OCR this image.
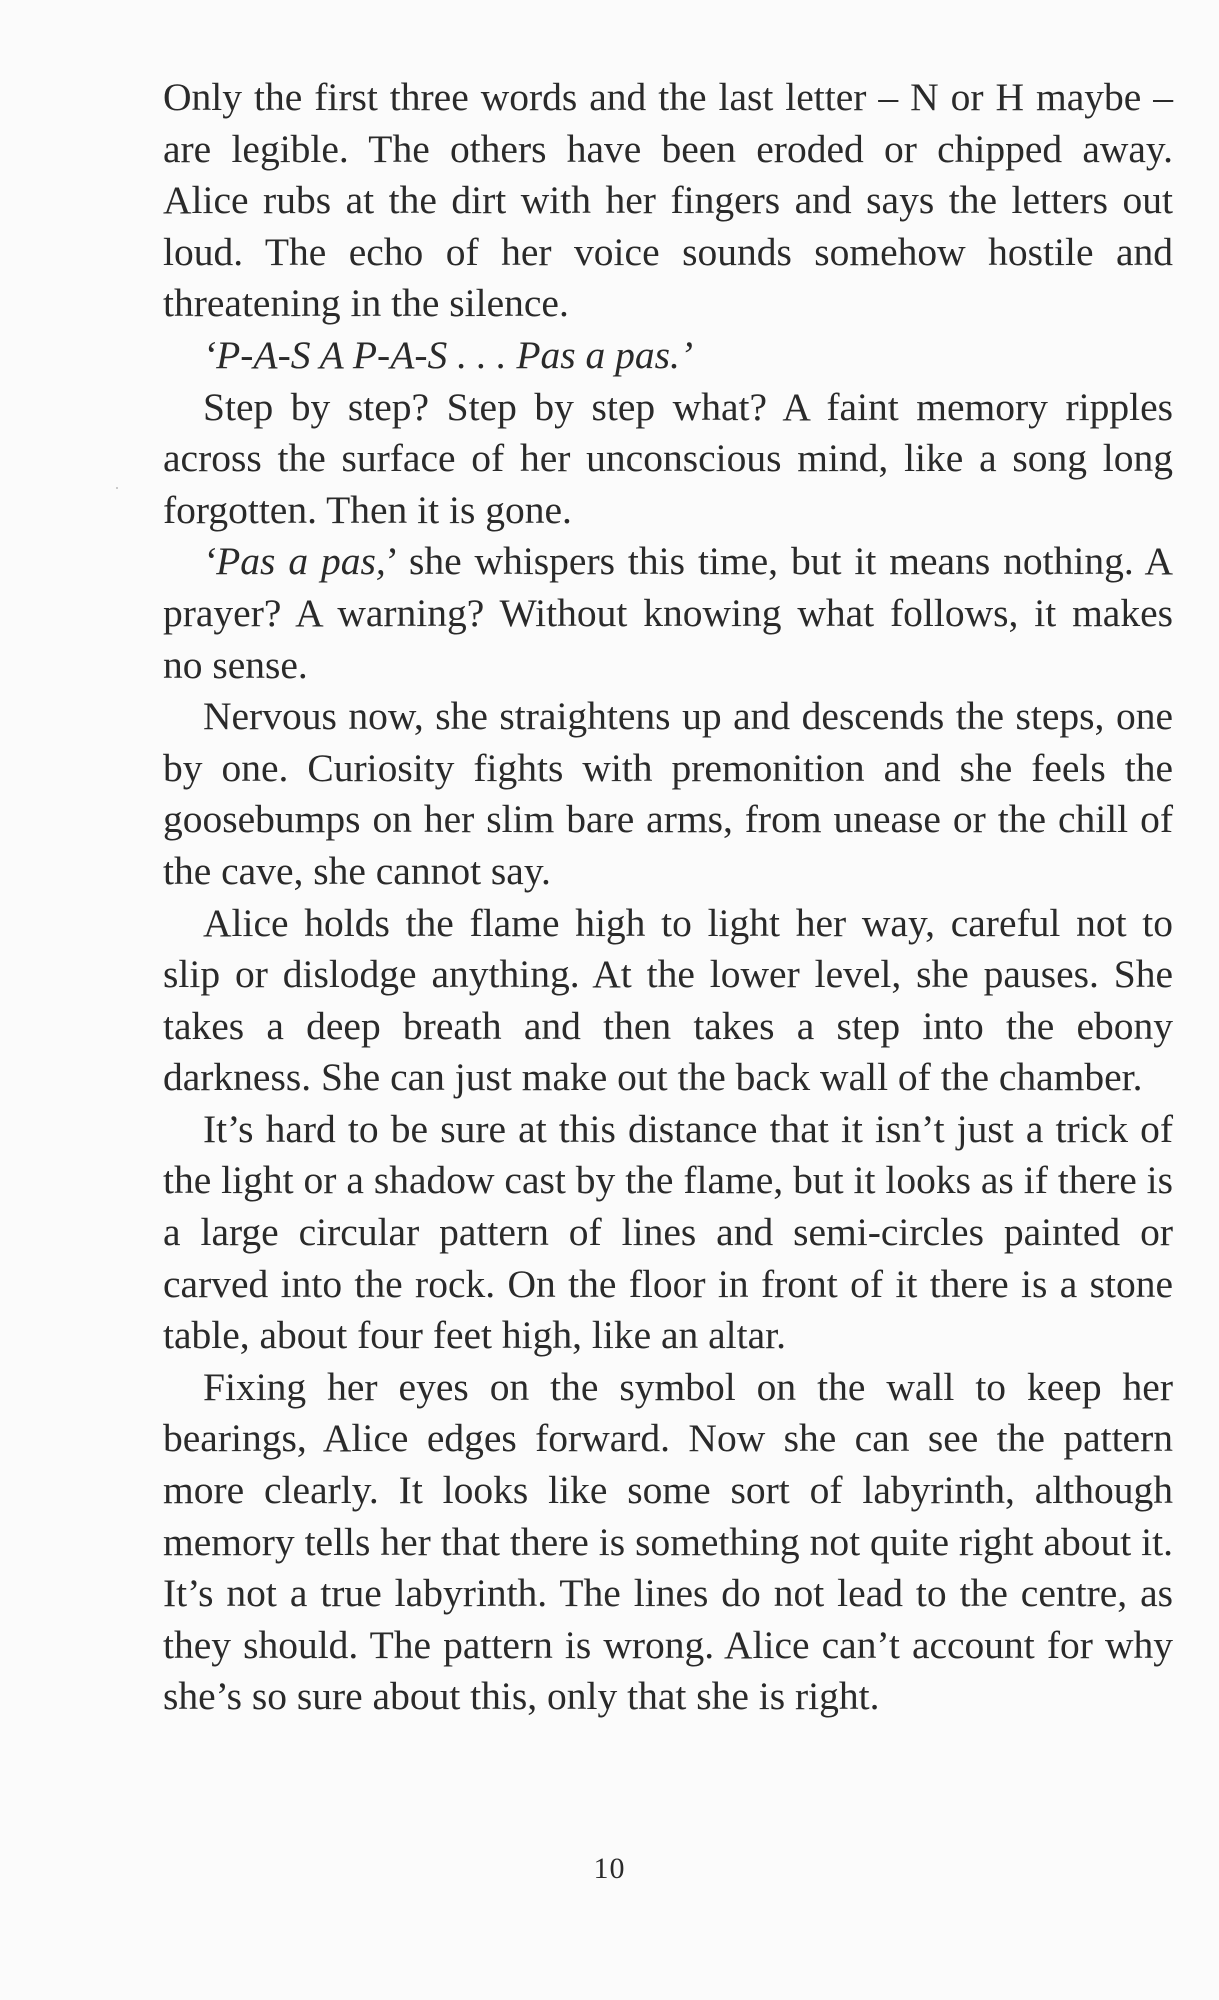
Only the first three words and the last letter – N or H maybe – are legible. The others have been eroded or chipped away. Alice rubs at the dirt with her fingers and says the letters out loud. The echo of her voice sounds somehow hostile and threatening in the silence.

‘P-A-S A P-A-S . . . Pas a pas.’

Step by step? Step by step what? A faint memory ripples across the surface of her unconscious mind, like a song long forgotten. Then it is gone.

‘Pas a pas,’ she whispers this time, but it means nothing. A prayer? A warning? Without knowing what follows, it makes no sense.

Nervous now, she straightens up and descends the steps, one by one. Curiosity fights with premonition and she feels the goosebumps on her slim bare arms, from unease or the chill of the cave, she cannot say.

Alice holds the flame high to light her way, careful not to slip or dislodge anything. At the lower level, she pauses. She takes a deep breath and then takes a step into the ebony darkness. She can just make out the back wall of the chamber.

It’s hard to be sure at this distance that it isn’t just a trick of the light or a shadow cast by the flame, but it looks as if there is a large circular pattern of lines and semi-circles painted or carved into the rock. On the floor in front of it there is a stone table, about four feet high, like an altar.

Fixing her eyes on the symbol on the wall to keep her bearings, Alice edges forward. Now she can see the pattern more clearly. It looks like some sort of labyrinth, although memory tells her that there is something not quite right about it. It’s not a true labyrinth. The lines do not lead to the centre, as they should. The pattern is wrong. Alice can’t account for why she’s so sure about this, only that she is right.

10
